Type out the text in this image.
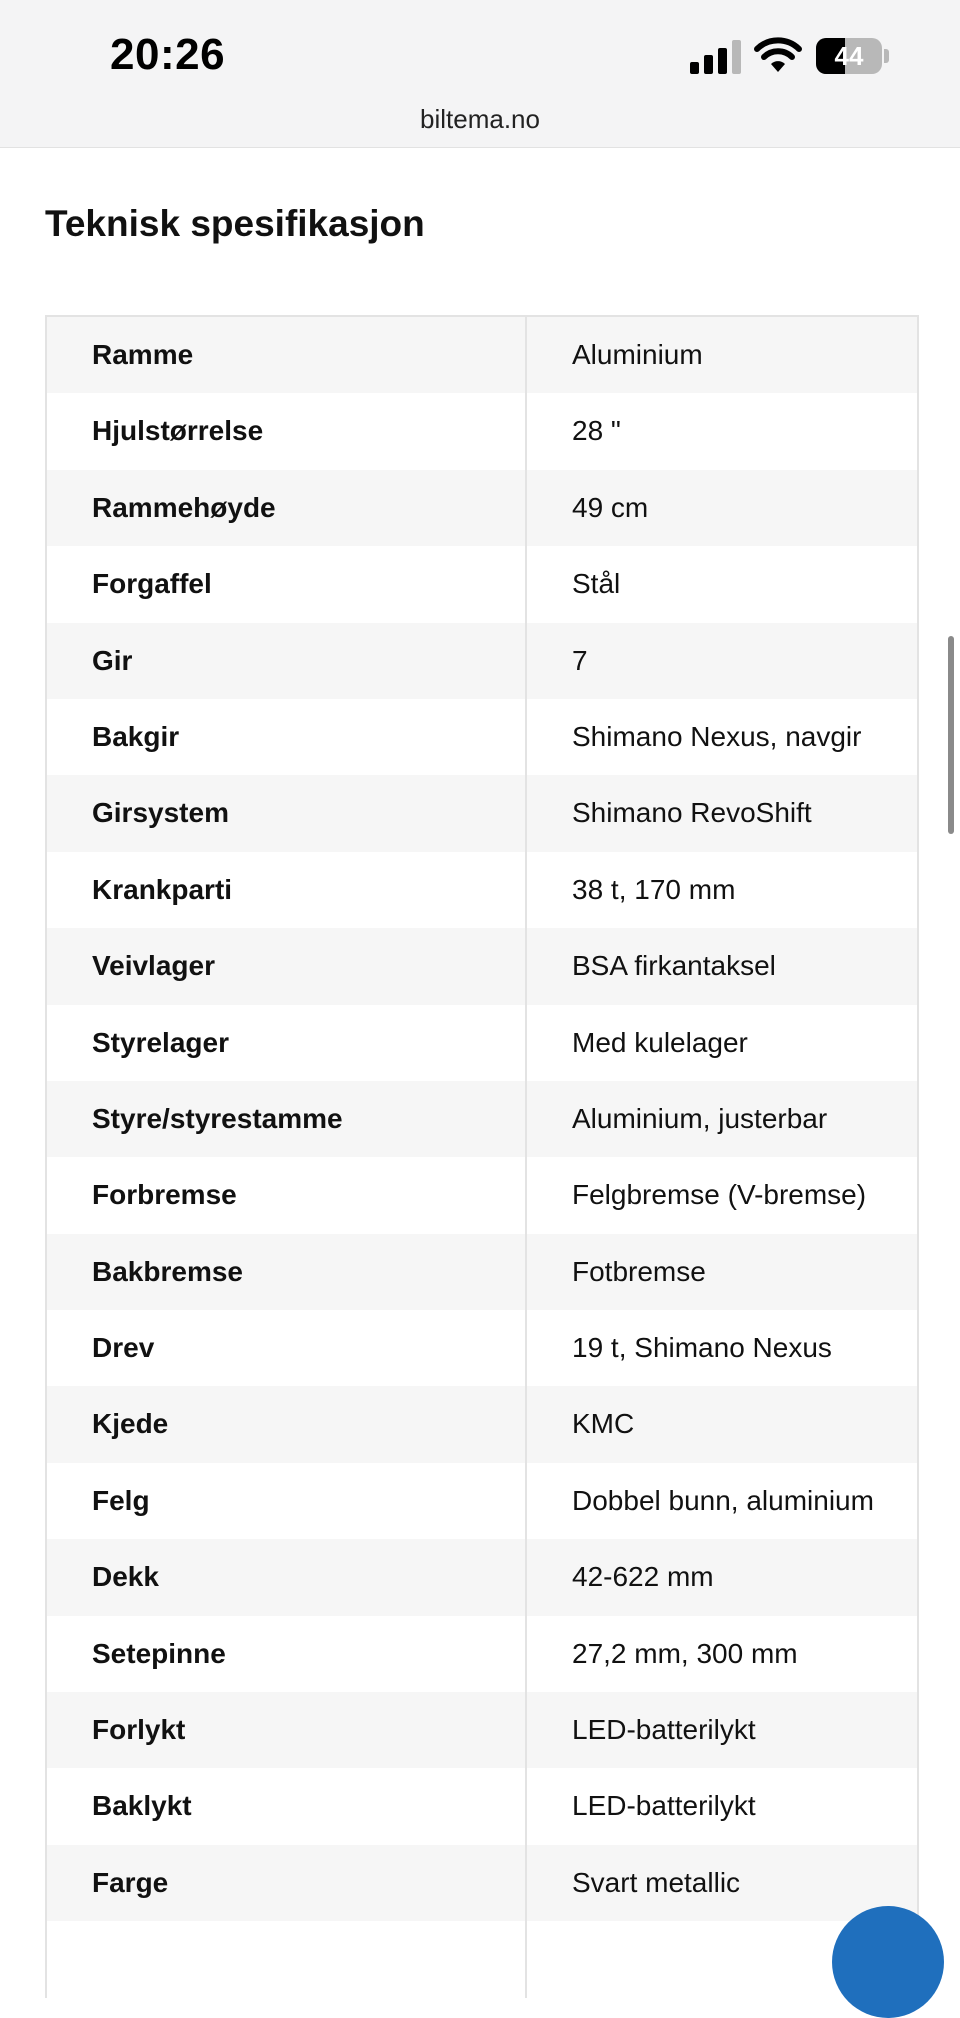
20:26	44
biltema.no
Teknisk spesifikasjon
Ramme	Aluminium
Hjulstørrelse	28 "
Rammehøyde	49 cm
Forgaffel	Stål
Gir	7
Bakgir	Shimano Nexus, navgir
Girsystem	Shimano RevoShift
Krankparti	38 t, 170 mm
Veivlager	BSA firkantaksel
Styrelager	Med kulelager
Styre/styrestamme	Aluminium, justerbar
Forbremse	Felgbremse (V-bremse)
Bakbremse	Fotbremse
Drev	19 t, Shimano Nexus
Kjede	KMC
Felg	Dobbel bunn, aluminium
Dekk	42-622 mm
Setepinne	27,2 mm, 300 mm
Forlykt	LED-batterilykt
Baklykt	LED-batterilykt
Farge	Svart metallic
